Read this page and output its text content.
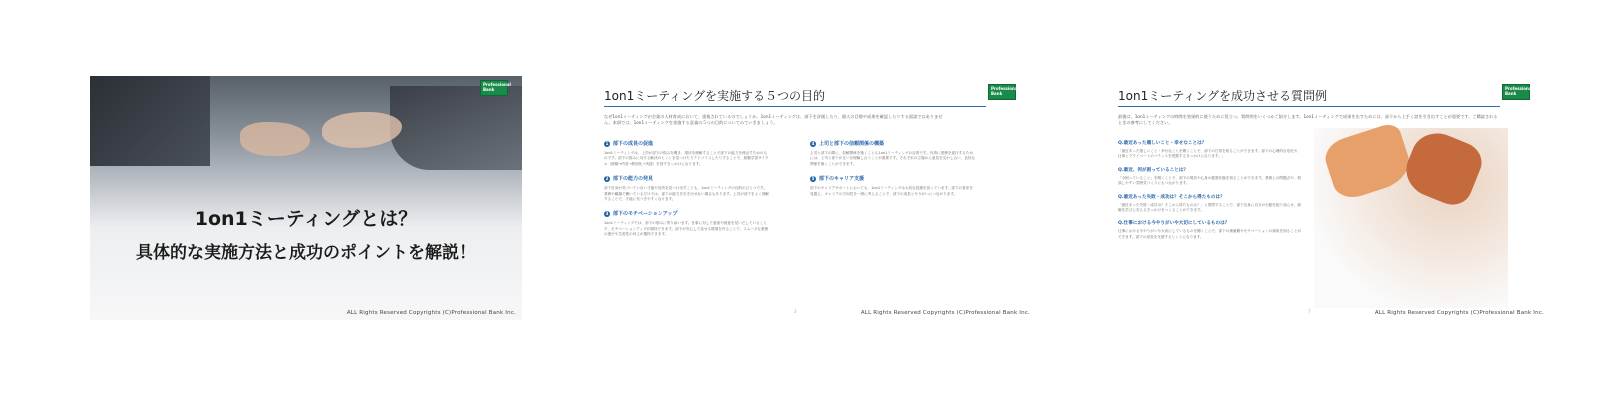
Professional
Bank
1on1ミーティングとは？
具体的な実施方法と成功のポイントを解説！
ALL Rights Reserved Copyrights (C)Professional Bank Inc.
1on1ミーティングを実施する５つの目的
Professional
Bank
なぜ1on1ミーティングが企業の人材育成において、重視されているのでしょうか。1on1ミーティングは、部下を評価したり、個人の目標や成果を確認したりする面談ではありません。本項では、1on1ミーティングを実施する意義の５つの目的についてみていきましょう。
1 部下の成長の促進
1on1ミーティングは、上司が部下の悩みを聞き、現状を理解することで部下の能力を伸ばすためのものです。部下の悩みに対する解決のヒントを見つけたりアドバイスしたりすることで、経験学習サイクル（経験→内省→教訓化→実践）を回すきっかけになります。
2 部下の能力の発見
部下自身が気づいていない才能や長所を見つけ出すことも、1on1ミーティングの目的のひとつです。業務や職場で働いているだけでは、部下の能力を引き出せない場合もあります。上司が部下をよく理解することで、才能に気づきやすくなります。
3 部下のモチベーションアップ
1on1ミーティングでは、部下の悩みに寄り添います。仕事に対して意欲や熱意を見いだしていることで、モチベーションアップが期待できます。部下が安心して話せる環境を作ることで、スムーズな業務の進行や生産性の向上が期待できます。
4 上司と部下の信頼関係の構築
上司と部下の間に、信頼関係を築くことも1on1ミーティングの目的です。円滑に業務を遂行するためには、上司と部下が互いを理解し合うことが重要です。それぞれの立場から意見を交わし合い、良好な関係を築くことができます。
5 部下のキャリア支援
部下のキャリアサポートにおいても、1on1ミーティングは大切な役割を担っています。部下の将来を見据え、キャリアの方向性を一緒に考えることで、部下の成長とやりがいにつながります。
3	ALL Rights Reserved Copyrights (C)Professional Bank Inc.
1on1ミーティングを成功させる質問例
Professional
Bank
最後は、1on1ミーティングの時間を効果的に使うために役立つ、質問例をいくつかご紹介します。1on1ミーティングで成果を出すためには、部下から上手く話を引き出すことが重要です。ご購読されるときの参考にしてください。
Q.最近あった嬉しいこと・幸せなことは？
「最近あった嬉しいこと・幸せなことを聞くことで、部下の日常を知ることができます。部下の心理的な変化や、仕事とプライベートのバランスを把握するきっかけになります。」
Q.最近、何が困っていることは？
「今困っていること」を聞くことで、部下の現状や心身の健康状態を知ることができます。業務上の問題点や、相談しやすい雰囲気づくりにもつながります。
Q.最近あった失敗・成功は？そこから得たものは？
「最近あった失敗・成功は？そこから得たものは？」と質問することで、部下自身に自分の行動を振り返らせ、経験を学びに変えるきっかけをつくることができます。
Q.仕事における今やりがいや大切にしているものは？
仕事における今やりがいや大切にしているものを聞くことで、部下の価値観やモチベーションの源泉を知ることができます。部下の成長を支援するヒントになります。
7	ALL Rights Reserved Copyrights (C)Professional Bank Inc.
